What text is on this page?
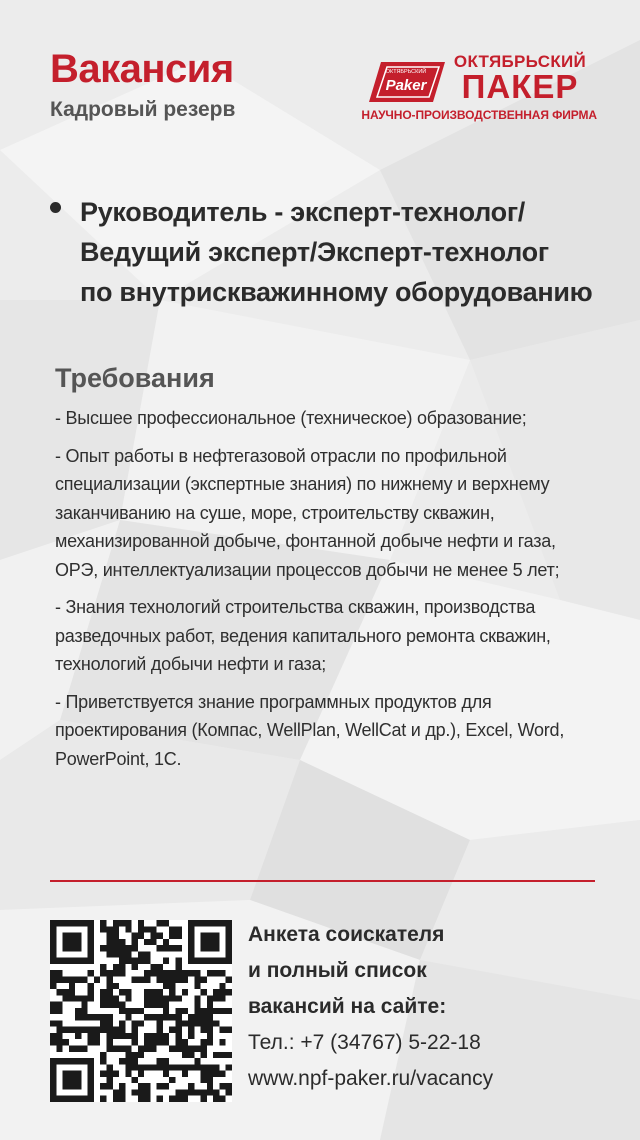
Вакансия
Кадровый резерв
ОКТЯБРЬСКИЙ
Paker
ОКТЯБРЬСКИЙ
ПАКЕР
НАУЧНО-ПРОИЗВОДСТВЕННАЯ ФИРМА
Руководитель - эксперт-технолог/
Ведущий эксперт/Эксперт-технолог
по внутрискважинному оборудованию
Требования
- Высшее профессиональное (техническое) образование;
- Опыт работы в нефтегазовой отрасли по профильной
специализации (экспертные знания) по нижнему и верхнему
заканчиванию на суше, море, строительству скважин,
механизированной добыче, фонтанной добыче нефти и газа,
ОРЭ, интеллектуализации процессов добычи не менее 5 лет;
- Знания технологий строительства скважин, производства
разведочных работ, ведения капитального ремонта скважин,
технологий добычи нефти и газа;
- Приветствуется знание программных продуктов для
проектирования (Компас, WellPlan, WellCat и др.), Excel, Word,
PowerPoint, 1C.
Анкета соискателя
и полный список
вакансий на сайте:
Тел.: +7 (34767) 5-22-18
www.npf-paker.ru/vacancy
